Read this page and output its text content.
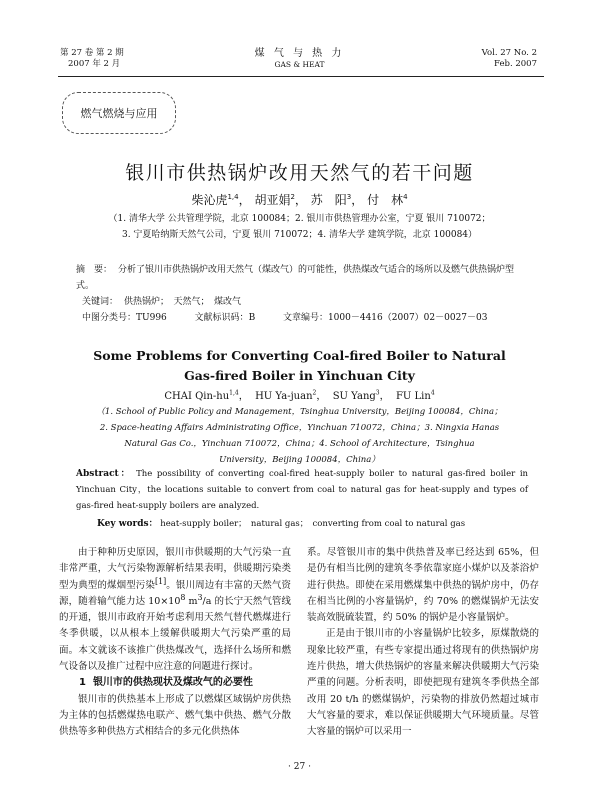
第 27 卷 第 2 期
2007 年 2 月
煤 气 与 热 力
GAS & HEAT
Vol. 27 No. 2
Feb. 2007
燃气燃烧与应用
银川市供热锅炉改用天然气的若干问题
柴沁虎$^{1,4}$， 胡亚娟$^2$， 苏　阳$^3$， 付　林$^4$
（1. 清华大学 公共管理学院，北京 100084；2. 银川市供热管理办公室，宁夏 银川 710072；
3. 宁夏哈纳斯天然气公司，宁夏 银川 710072；4. 清华大学 建筑学院，北京 100084）
摘　要： 分析了银川市供热锅炉改用天然气（煤改气）的可能性，供热煤改气适合的场所以及燃气供热锅炉型式。
关键词： 供热锅炉；　天然气；　煤改气
中图分类号：TU996	文献标识码：B	文章编号：1000－4416（2007）02－0027－03
Some Problems for Converting Coal-fired Boiler to Natural
Gas-fired Boiler in Yinchuan City
CHAI Qin-hu$^{1,4}$，  HU Ya-juan$^2$，  SU Yang$^3$，  FU Lin$^4$
（1. School of Public Policy and Management，Tsinghua University，Beijing 100084，China；
2. Space-heating Affairs Administrating Office，Yinchuan 710072，China；3. Ningxia Hanas
Natural Gas Co.，Yinchuan 710072，China；4. School of Architecture，Tsinghua
University，Beijing 100084，China）
Abstract： The possibility of converting coal-fired heat-supply boiler to natural gas-fired boiler in Yinchuan City，the locations suitable to convert from coal to natural gas for heat-supply and types of gas-fired heat-supply boilers are analyzed.
Key words： heat-supply boiler；　natural gas；　converting from coal to natural gas

由于种种历史原因，银川市供暖期的大气污染一直非常严重，大气污染物源解析结果表明，供暖期污染类型为典型的煤烟型污染[1]。银川周边有丰富的天然气资源，随着输气能力达 $10\times 10^8$ $m^3/a$ 的长宁天然气管线的开通，银川市政府开始考虑利用天然气替代燃煤进行冬季供暖，以从根本上缓解供暖期大气污染严重的局面。本文就该不该推广供热煤改气，选择什么场所和燃气设备以及推广过程中应注意的问题进行探讨。

1 银川市的供热现状及煤改气的必要性

银川市的供热基本上形成了以燃煤区域锅炉房供热为主体的包括燃煤热电联产、燃气集中供热、燃气分散供热等多种供热方式相结合的多元化供热体

系。尽管银川市的集中供热普及率已经达到 65%，但是仍有相当比例的建筑冬季依靠家庭小煤炉以及茶浴炉进行供热。即使在采用燃煤集中供热的锅炉房中，仍存在相当比例的小容量锅炉，约 70% 的燃煤锅炉无法安装高效脱硫装置，约 50% 的锅炉是小容量锅炉。

正是由于银川市的小容量锅炉比较多，原煤散烧的现象比较严重，有些专家提出通过将现有的供热锅炉房连片供热，增大供热锅炉的容量来解决供暖期大气污染严重的问题。分析表明，即使把现有建筑冬季供热全部改用 20 t/h 的燃煤锅炉，污染物的排放仍然超过城市大气容量的要求，难以保证供暖期大气环境质量。尽管大容量的锅炉可以采用一

· 27 ·
